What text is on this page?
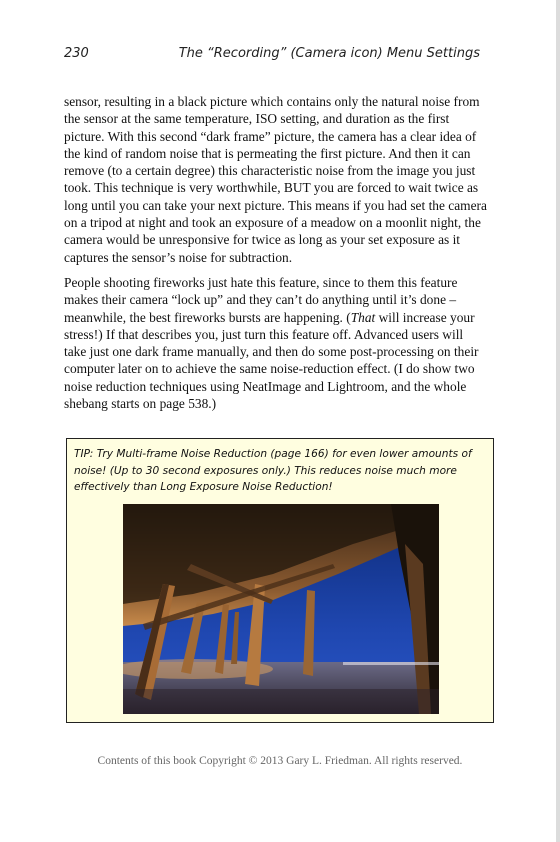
230	The “Recording” (Camera icon) Menu Settings

sensor, resulting in a black picture which contains only the natural noise from the sensor at the same temperature, ISO setting, and duration as the first picture. With this second “dark frame” picture, the camera has a clear idea of the kind of random noise that is permeating the first picture. And then it can remove (to a certain degree) this characteristic noise from the image you just took. This technique is very worthwhile, BUT you are forced to wait twice as long until you can take your next picture. This means if you had set the camera on a tripod at night and took an exposure of a meadow on a moonlit night, the camera would be unresponsive for twice as long as your set exposure as it captures the sensor’s noise for subtraction.

People shooting fireworks just hate this feature, since to them this feature makes their camera “lock up” and they can’t do anything until it’s done – meanwhile, the best fireworks bursts are happening. (That will increase your stress!) If that describes you, just turn this feature off. Advanced users will take just one dark frame manually, and then do some post-processing on their computer later on to achieve the same noise-reduction effect. (I do show two noise reduction techniques using NeatImage and Lightroom, and the whole shebang starts on page 538.)

TIP: Try Multi-frame Noise Reduction (page 166) for even lower amounts of noise! (Up to 30 second exposures only.) This reduces noise much more effectively than Long Exposure Noise Reduction!
Contents of this book Copyright © 2013 Gary L. Friedman. All rights reserved.
